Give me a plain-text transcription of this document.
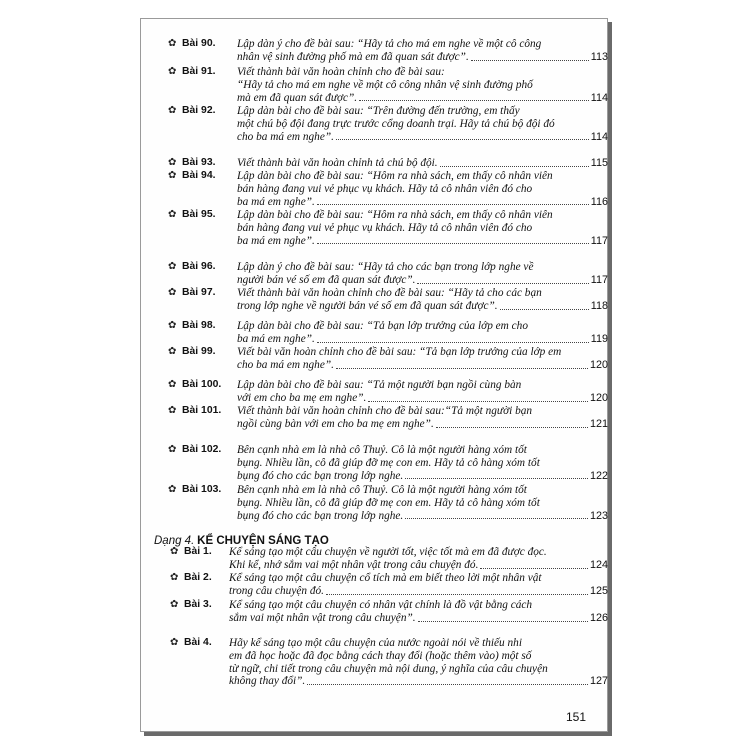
✿ Bài 90.	Lập dàn ý cho đề bài sau: “Hãy tả cho má em nghe về một cô công
nhân vệ sinh đường phố mà em đã quan sát được”.	113
✿ Bài 91.	Viết thành bài văn hoàn chỉnh cho đề bài sau:
“Hãy tả cho má em nghe về một cô công nhân vệ sinh đường phố
mà em đã quan sát được”.	114
✿ Bài 92.	Lập dàn bài cho đề bài sau: “Trên đường đến trường, em thấy
một chú bộ đội đang trực trước cổng doanh trại. Hãy tả chú bộ đội đó
cho ba má em nghe”.	114
✿ Bài 93.	Viết thành bài văn hoàn chỉnh tả chú bộ đội.	115
✿ Bài 94.	Lập dàn bài cho đề bài sau: “Hôm ra nhà sách, em thấy cô nhân viên
bán hàng đang vui vẻ phục vụ khách. Hãy tả cô nhân viên đó cho
ba má em nghe”.	116
✿ Bài 95.	Lập dàn bài cho đề bài sau: “Hôm ra nhà sách, em thấy cô nhân viên
bán hàng đang vui vẻ phục vụ khách. Hãy tả cô nhân viên đó cho
ba má em nghe”.	117
✿ Bài 96.	Lập dàn ý cho đề bài sau: “Hãy tả cho các bạn trong lớp nghe về
người bán vé số em đã quan sát được”.	117
✿ Bài 97.	Viết thành bài văn hoàn chỉnh cho đề bài sau: “Hãy tả cho các bạn
trong lớp nghe về người bán vé số em đã quan sát được”.	118
✿ Bài 98.	Lập dàn bài cho đề bài sau: “Tả bạn lớp trưởng của lớp em cho
ba má em nghe”.	119
✿ Bài 99.	Viết bài văn hoàn chỉnh cho đề bài sau: “Tả bạn lớp trưởng của lớp em
cho ba má em nghe”.	120
✿ Bài 100.	Lập dàn bài cho đề bài sau: “Tả một người bạn ngồi cùng bàn
với em cho ba mẹ em nghe”.	120
✿ Bài 101.	Viết thành bài văn hoàn chỉnh cho đề bài sau:“Tả một người bạn
ngồi cùng bàn với em cho ba mẹ em nghe”.	121
✿ Bài 102.	Bên cạnh nhà em là nhà cô Thuỷ. Cô là một người hàng xóm tốt
bụng. Nhiều lần, cô đã giúp đỡ mẹ con em. Hãy tả cô hàng xóm tốt
bụng đó cho các bạn trong lớp nghe.	122
✿ Bài 103.	Bên cạnh nhà em là nhà cô Thuỷ. Cô là một người hàng xóm tốt
bụng. Nhiều lần, cô đã giúp đỡ mẹ con em. Hãy tả cô hàng xóm tốt
bụng đó cho các bạn trong lớp nghe.	123
✿ Bài 1.	Kể sáng tạo một câu chuyện về người tốt, việc tốt mà em đã được đọc.
Khi kể, nhớ sắm vai một nhân vật trong câu chuyện đó.	124
✿ Bài 2.	Kể sáng tạo một câu chuyện cổ tích mà em biết theo lời một nhân vật
trong câu chuyện đó.	125
✿ Bài 3.	Kể sáng tạo một câu chuyện có nhân vật chính là đồ vật bằng cách
sắm vai một nhân vật trong câu chuyện”.	126
✿ Bài 4.	Hãy kể sáng tạo một câu chuyện của nước ngoài nói về thiếu nhi
em đã học hoặc đã đọc bằng cách thay đổi (hoặc thêm vào) một số
từ ngữ, chi tiết trong câu chuyện mà nội dung, ý nghĩa của câu chuyện
không thay đổi”.	127
Dạng 4. KỂ CHUYỆN SÁNG TẠO
151
